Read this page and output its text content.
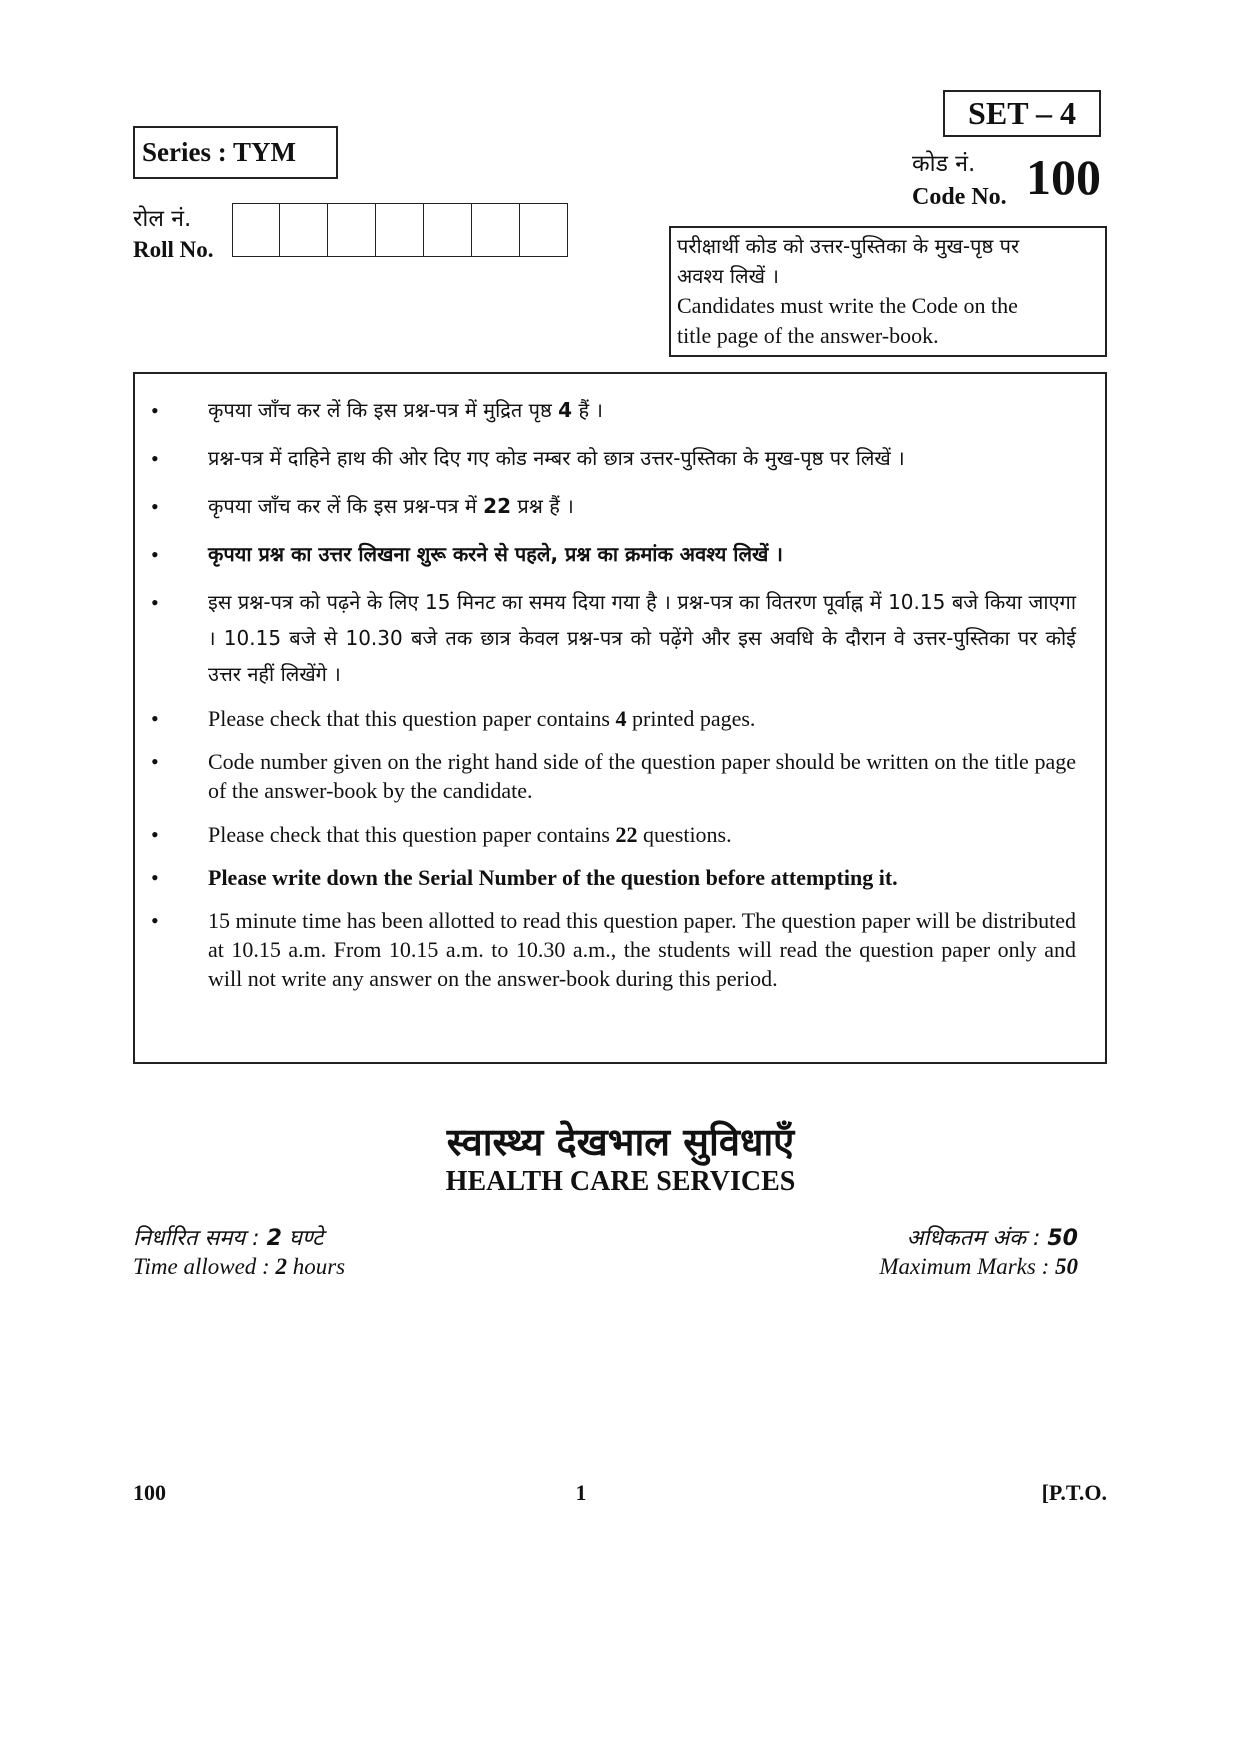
Series : TYM
SET – 4
कोड नं.
Code No. 100
रोल नं.
Roll No.	परीक्षार्थी कोड को उत्तर-पुस्तिका के मुख-पृष्ठ पर
अवश्य लिखें ।
Candidates must write the Code on the
title page of the answer-book.
• कृपया जाँच कर लें कि इस प्रश्न-पत्र में मुद्रित पृष्ठ 4 हैं ।
• प्रश्न-पत्र में दाहिने हाथ की ओर दिए गए कोड नम्बर को छात्र उत्तर-पुस्तिका के मुख-पृष्ठ पर लिखें ।
• कृपया जाँच कर लें कि इस प्रश्न-पत्र में 22 प्रश्न हैं ।
• कृपया प्रश्न का उत्तर लिखना शुरू करने से पहले, प्रश्न का क्रमांक अवश्य लिखें ।
• इस प्रश्न-पत्र को पढ़ने के लिए 15 मिनट का समय दिया गया है । प्रश्न-पत्र का वितरण पूर्वाह्न में 10.15 बजे किया जाएगा । 10.15 बजे से 10.30 बजे तक छात्र केवल प्रश्न-पत्र को पढ़ेंगे और इस अवधि के दौरान वे उत्तर-पुस्तिका पर कोई उत्तर नहीं लिखेंगे ।
• Please check that this question paper contains 4 printed pages.
• Code number given on the right hand side of the question paper should be written on the title page of the answer-book by the candidate.
• Please check that this question paper contains 22 questions.
• Please write down the Serial Number of the question before attempting it.
• 15 minute time has been allotted to read this question paper. The question paper will be distributed at 10.15 a.m. From 10.15 a.m. to 10.30 a.m., the students will read the question paper only and will not write any answer on the answer-book during this period.
स्वास्थ्य देखभाल सुविधाएँ
HEALTH CARE SERVICES
निर्धारित समय : 2 घण्टे
Time allowed : 2 hours
अधिकतम अंक : 50
Maximum Marks : 50
100	1	[P.T.O.
